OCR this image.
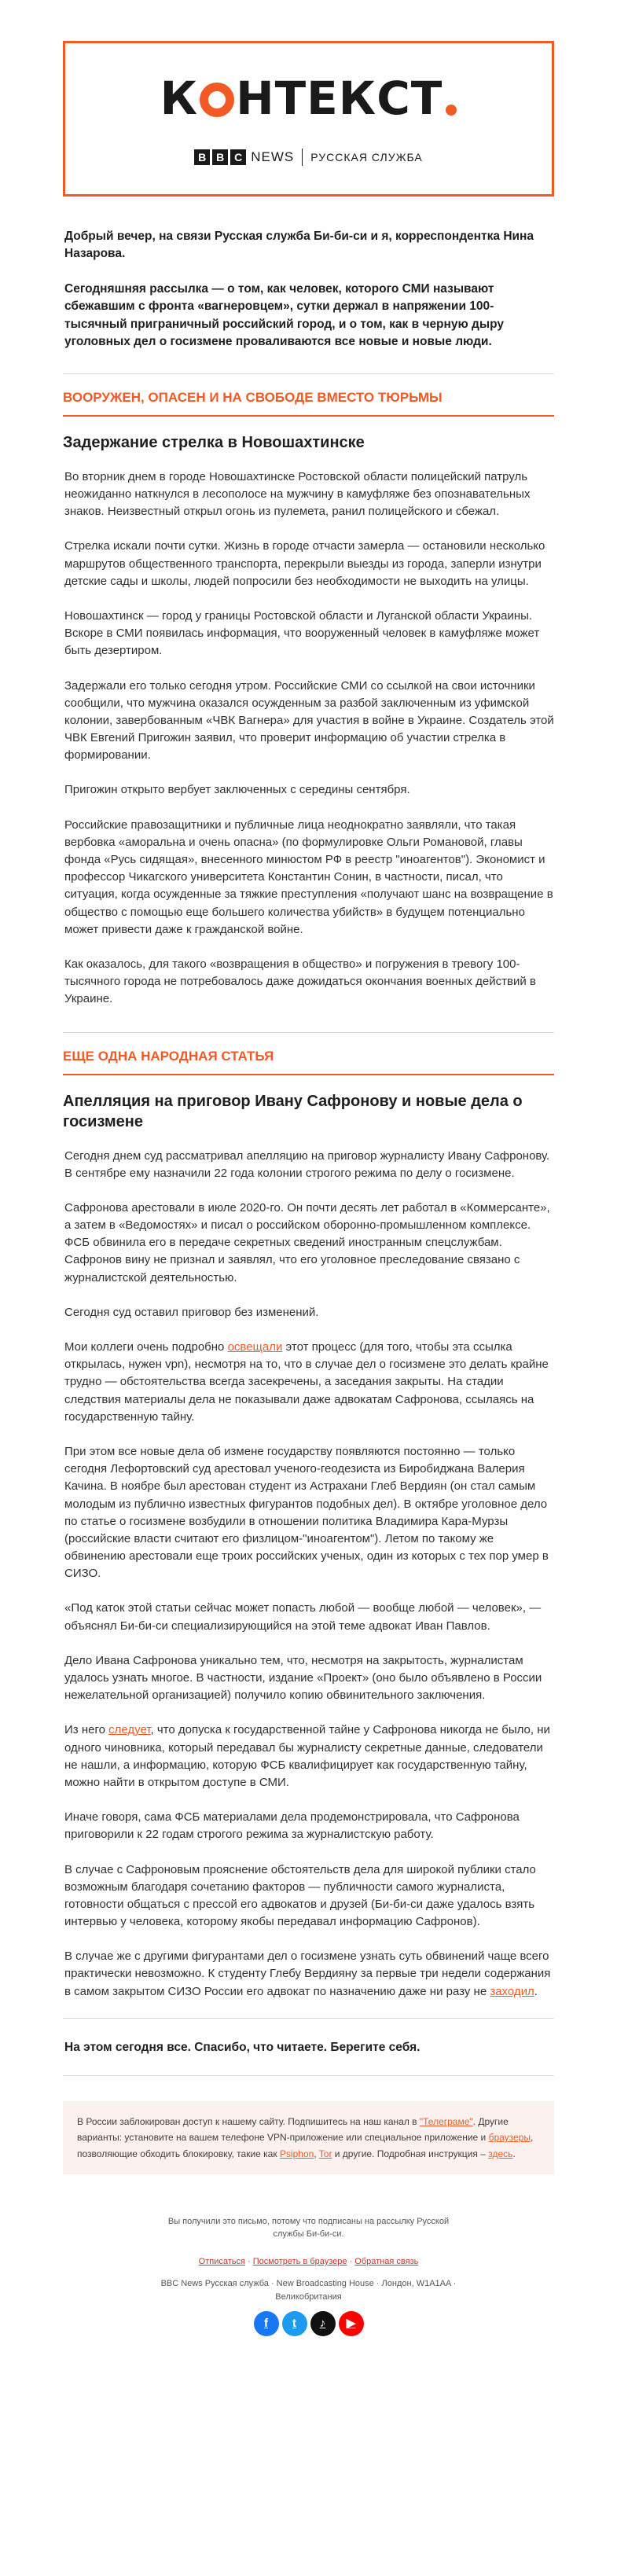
К НТЕКСТ
B B C NEWS РУССКАЯ СЛУЖБА

Добрый вечер, на связи Русская служба Би-би-си и я, корреспондентка Нина Назарова.

Сегодняшняя рассылка — о том, как человек, которого СМИ называют сбежавшим с фронта «вагнеровцем», сутки держал в напряжении 100-тысячный приграничный российский город, и о том, как в черную дыру уголовных дел о госизмене проваливаются все новые и новые люди.

ВООРУЖЕН, ОПАСЕН И НА СВОБОДЕ ВМЕСТО ТЮРЬМЫ
Задержание стрелка в Новошахтинске

Во вторник днем в городе Новошахтинске Ростовской области полицейский патруль неожиданно наткнулся в лесополосе на мужчину в камуфляже без опознавательных знаков. Неизвестный открыл огонь из пулемета, ранил полицейского и сбежал.

Стрелка искали почти сутки. Жизнь в городе отчасти замерла — остановили несколько маршрутов общественного транспорта, перекрыли выезды из города, заперли изнутри детские сады и школы, людей попросили без необходимости не выходить на улицы.

Новошахтинск — город у границы Ростовской области и Луганской области Украины. Вскоре в СМИ появилась информация, что вооруженный человек в камуфляже может быть дезертиром.

Задержали его только сегодня утром. Российские СМИ со ссылкой на свои источники сообщили, что мужчина оказался осужденным за разбой заключенным из уфимской колонии, завербованным «ЧВК Вагнера» для участия в войне в Украине. Создатель этой ЧВК Евгений Пригожин заявил, что проверит информацию об участии стрелка в формировании.

Пригожин открыто вербует заключенных с середины сентября.

Российские правозащитники и публичные лица неоднократно заявляли, что такая вербовка «аморальна и очень опасна» (по формулировке Ольги Романовой, главы фонда «Русь сидящая», внесенного минюстом РФ в реестр "иноагентов"). Экономист и профессор Чикагского университета Константин Сонин, в частности, писал, что ситуация, когда осужденные за тяжкие преступления «получают шанс на возвращение в общество с помощью еще большего количества убийств» в будущем потенциально может привести даже к гражданской войне.

Как оказалось, для такого «возвращения в общество» и погружения в тревогу 100-тысячного города не потребовалось даже дожидаться окончания военных действий в Украине.

ЕЩЕ ОДНА НАРОДНАЯ СТАТЬЯ
Апелляция на приговор Ивану Сафронову и новые дела о госизмене

Сегодня днем суд рассматривал апелляцию на приговор журналисту Ивану Сафронову. В сентябре ему назначили 22 года колонии строгого режима по делу о госизмене.

Сафронова арестовали в июле 2020-го. Он почти десять лет работал в «Коммерсанте», а затем в «Ведомостях» и писал о российском оборонно-промышленном комплексе. ФСБ обвинила его в передаче секретных сведений иностранным спецслужбам. Сафронов вину не признал и заявлял, что его уголовное преследование связано с журналистской деятельностью.

Сегодня суд оставил приговор без изменений.

Мои коллеги очень подробно освещали этот процесс (для того, чтобы эта ссылка открылась, нужен vpn), несмотря на то, что в случае дел о госизмене это делать крайне трудно — обстоятельства всегда засекречены, а заседания закрыты. На стадии следствия материалы дела не показывали даже адвокатам Сафронова, ссылаясь на государственную тайну.

При этом все новые дела об измене государству появляются постоянно — только сегодня Лефортовский суд арестовал ученого-геодезиста из Биробиджана Валерия Качина. В ноябре был арестован студент из Астрахани Глеб Вердиян (он стал самым молодым из публично известных фигурантов подобных дел). В октябре уголовное дело по статье о госизмене возбудили в отношении политика Владимира Кара-Мурзы (российские власти считают его физлицом-"иноагентом"). Летом по такому же обвинению арестовали еще троих российских ученых, один из которых с тех пор умер в СИЗО.

«Под каток этой статьи сейчас может попасть любой — вообще любой — человек», — объяснял Би-би-си специализирующийся на этой теме адвокат Иван Павлов.

Дело Ивана Сафронова уникально тем, что, несмотря на закрытость, журналистам удалось узнать многое. В частности, издание «Проект» (оно было объявлено в России нежелательной организацией) получило копию обвинительного заключения.

Из него следует, что допуска к государственной тайне у Сафронова никогда не было, ни одного чиновника, который передавал бы журналисту секретные данные, следователи не нашли, а информацию, которую ФСБ квалифицирует как государственную тайну, можно найти в открытом доступе в СМИ.

Иначе говоря, сама ФСБ материалами дела продемонстрировала, что Сафронова приговорили к 22 годам строгого режима за журналистскую работу.

В случае с Сафроновым прояснение обстоятельств дела для широкой публики стало возможным благодаря сочетанию факторов — публичности самого журналиста, готовности общаться с прессой его адвокатов и друзей (Би-би-си даже удалось взять интервью у человека, которому якобы передавал информацию Сафронов).

В случае же с другими фигурантами дел о госизмене узнать суть обвинений чаще всего практически невозможно. К студенту Глебу Вердияну за первые три недели содержания в самом закрытом СИЗО России его адвокат по назначению даже ни разу не заходил.

На этом сегодня все. Спасибо, что читаете. Берегите себя.
В России заблокирован доступ к нашему сайту. Подпишитесь на наш канал в "Телеграме". Другие варианты: установите на вашем телефоне VPN-приложение или специальное приложение и браузеры, позволяющие обходить блокировку, такие как Psiphon, Tor и другие. Подробная инструкция – здесь.
Вы получили это письмо, потому что подписаны на рассылку Русской службы Би-би-си.
Отписаться · Посмотреть в браузере · Обратная связь
BBC News Русская служба · New Broadcasting House · Лондон, W1A1AA · Великобритания
f	t	♪	▶
